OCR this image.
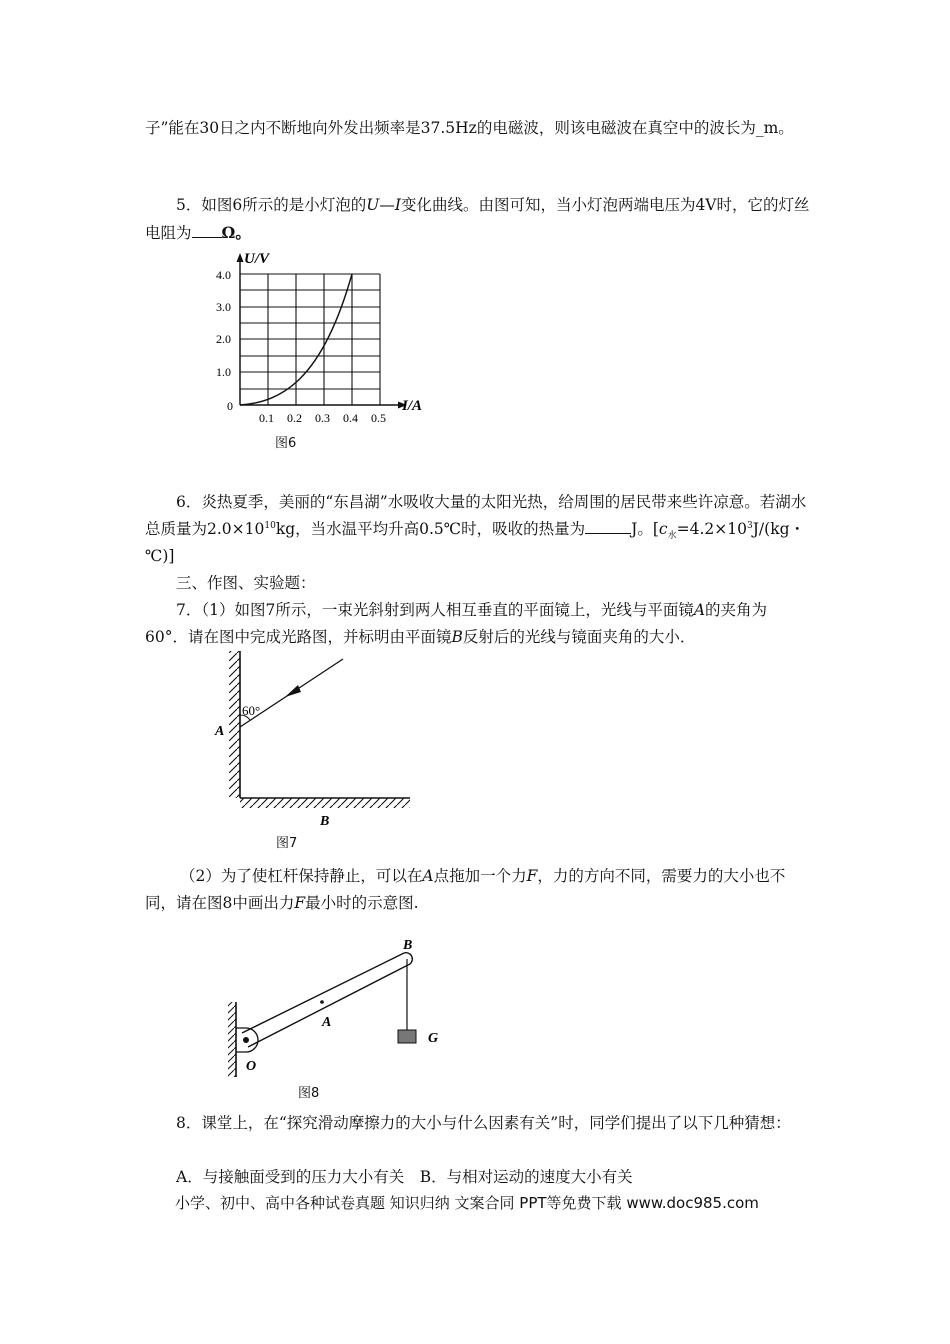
子”能在30日之内不断地向外发出频率是37.5Hz的电磁波，则该电磁波在真空中的波长为_m。

5．如图6所示的是小灯泡的U—I变化曲线。由图可知，当小灯泡两端电压为4V时，它的灯丝电阻为 Ω。

U/V
I/A
0
1.0
2.0
3.0
4.0
0.1 0.2 0.3 0.4 0.5
图6

6．炎热夏季，美丽的“东昌湖”水吸收大量的太阳光热，给周围的居民带来些许凉意。若湖水总质量为$2.0\times 10^{10}kg$，当水温平均升高0.5℃时，吸收的热量为	J。[$c_水=4.2\times 10^3J/(kg$・℃)]

三、作图、实验题：

7．（1）如图7所示，一束光斜射到两人相互垂直的平面镜上，光线与平面镜A的夹角为60°．请在图中完成光路图，并标明由平面镜B反射后的光线与镜面夹角的大小．

60°
A
B
图7

（2）为了使杠杆保持静止，可以在A点拖加一个力F，力的方向不同，需要力的大小也不同，请在图8中画出力F最小时的示意图.

B
A
O
G
图8

8．课堂上，在“探究滑动摩擦力的大小与什么因素有关”时，同学们提出了以下几种猜想：

A．与接触面受到的压力大小有关　B．与相对运动的速度大小有关

小学、初中、高中各种试卷真题 知识归纳 文案合同 PPT等免费下载 www.doc985.com
